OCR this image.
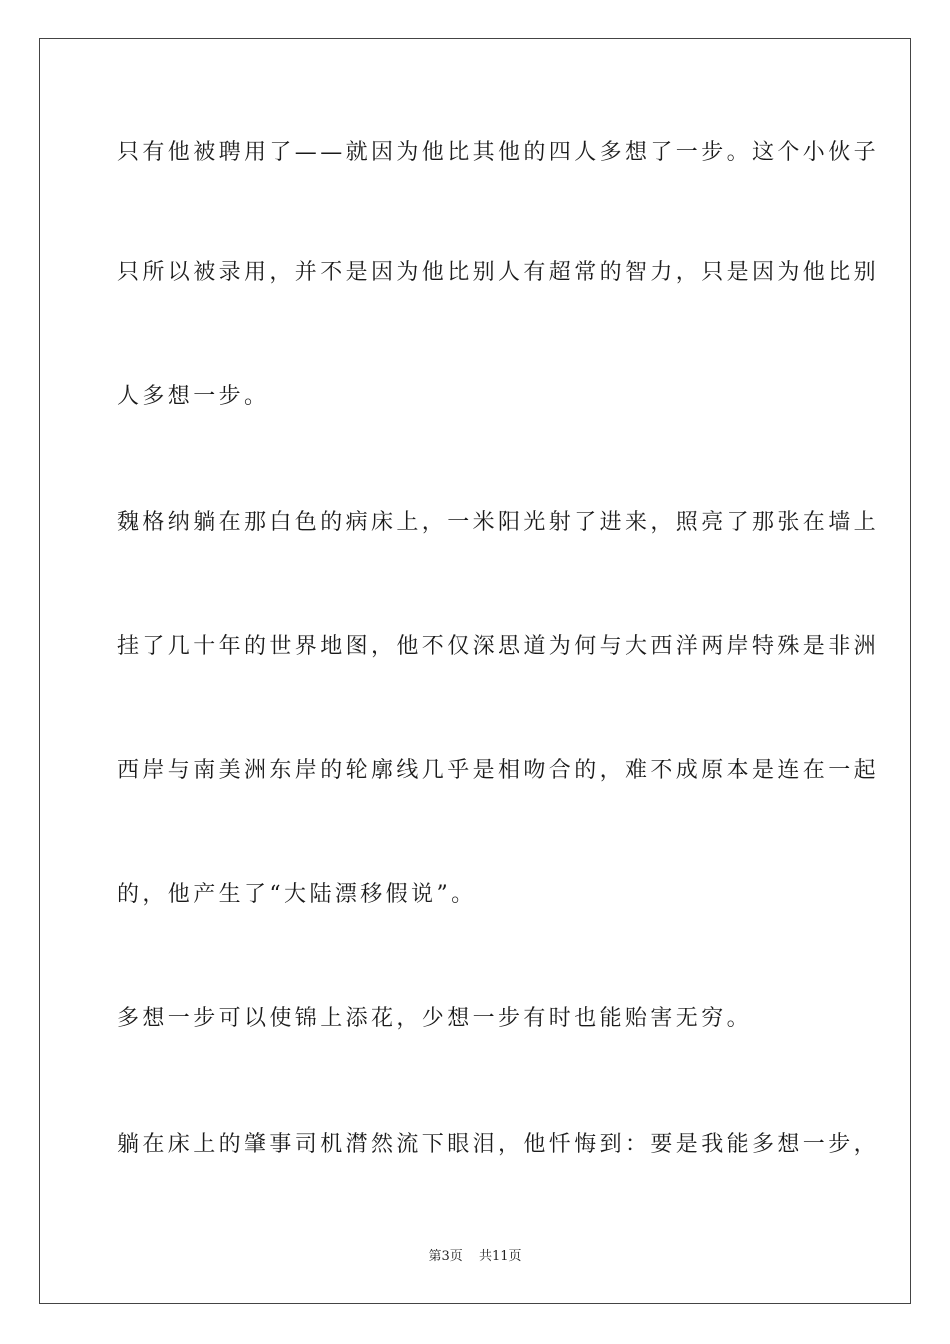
只有他被聘用了——就因为他比其他的四人多想了一步。这个小伙子
只所以被录用，并不是因为他比别人有超常的智力，只是因为他比别
人多想一步。
魏格纳躺在那白色的病床上，一米阳光射了进来，照亮了那张在墙上
挂了几十年的世界地图，他不仅深思道为何与大西洋两岸特殊是非洲
西岸与南美洲东岸的轮廓线几乎是相吻合的，难不成原本是连在一起
的，他产生了“大陆漂移假说”。
多想一步可以使锦上添花，少想一步有时也能贻害无穷。
躺在床上的肇事司机潸然流下眼泪，他忏悔到：要是我能多想一步，
第3页 共11页
